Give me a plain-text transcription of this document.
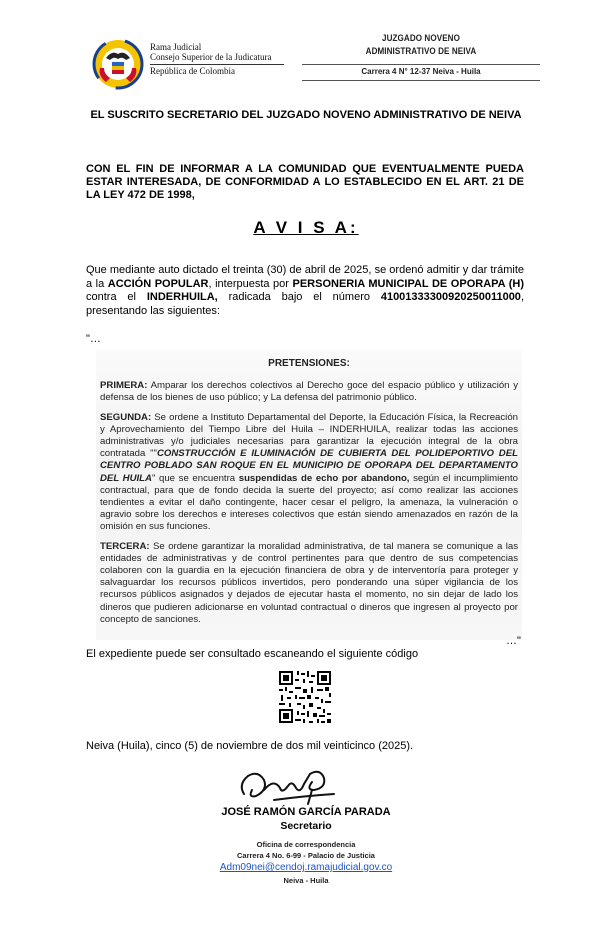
Rama Judicial
Consejo Superior de la Judicatura
República de Colombia
JUZGADO NOVENO
ADMINISTRATIVO DE NEIVA
Carrera 4 N° 12-37 Neiva - Huila
EL SUSCRITO SECRETARIO DEL JUZGADO NOVENO ADMINISTRATIVO DE NEIVA
CON EL FIN DE INFORMAR A LA COMUNIDAD QUE EVENTUALMENTE PUEDA ESTAR INTERESADA, DE CONFORMIDAD A LO ESTABLECIDO EN EL ART. 21 DE LA LEY 472 DE 1998,
A V I S A:
Que mediante auto dictado el treinta (30) de abril de 2025, se ordenó admitir y dar trámite a la ACCIÓN POPULAR, interpuesta por PERSONERIA MUNICIPAL DE OPORAPA (H) contra el INDERHUILA, radicada bajo el número 41001333300920250011000, presentando las siguientes:
"…
PRETENSIONES:

PRIMERA: Amparar los derechos colectivos al Derecho goce del espacio público y utilización y defensa de los bienes de uso público; y La defensa del patrimonio público.

SEGUNDA: Se ordene a Instituto Departamental del Deporte, la Educación Física, la Recreación y Aprovechamiento del Tiempo Libre del Huila – INDERHUILA, realizar todas las acciones administrativas y/o judiciales necesarias para garantizar la ejecución integral de la obra contratada ""CONSTRUCCIÓN E ILUMINACIÓN DE CUBIERTA DEL POLIDEPORTIVO DEL CENTRO POBLADO SAN ROQUE EN EL MUNICIPIO DE OPORAPA DEL DEPARTAMENTO DEL HUILA" que se encuentra suspendidas de echo por abandono, según el incumplimiento contractual, para que de fondo decida la suerte del proyecto; así como realizar las acciones tendientes a evitar el daño contingente, hacer cesar el peligro, la amenaza, la vulneración o agravio sobre los derechos e intereses colectivos que están siendo amenazados en razón de la omisión en sus funciones.

TERCERA: Se ordene garantizar la moralidad administrativa, de tal manera se comunique a las entidades de administrativas y de control pertinentes para que dentro de sus competencias colaboren con la guardia en la ejecución financiera de obra y de interventoría para proteger y salvaguardar los recursos públicos invertidos, pero ponderando una súper vigilancia de los recursos públicos asignados y dejados de ejecutar hasta el momento, no sin dejar de lado los dineros que pudieren adicionarse en voluntad contractual o dineros que ingresen al proyecto por concepto de sanciones.

…"
El expediente puede ser consultado escaneando el siguiente código
Neiva (Huila), cinco (5) de noviembre de dos mil veinticinco (2025).
JOSÉ RAMÓN GARCÍA PARADA
Secretario
Oficina de correspondencia
Carrera 4 No. 6-99 - Palacio de Justicia
Adm09nei@cendoj.ramajudicial.gov.co
Neiva - Huila
